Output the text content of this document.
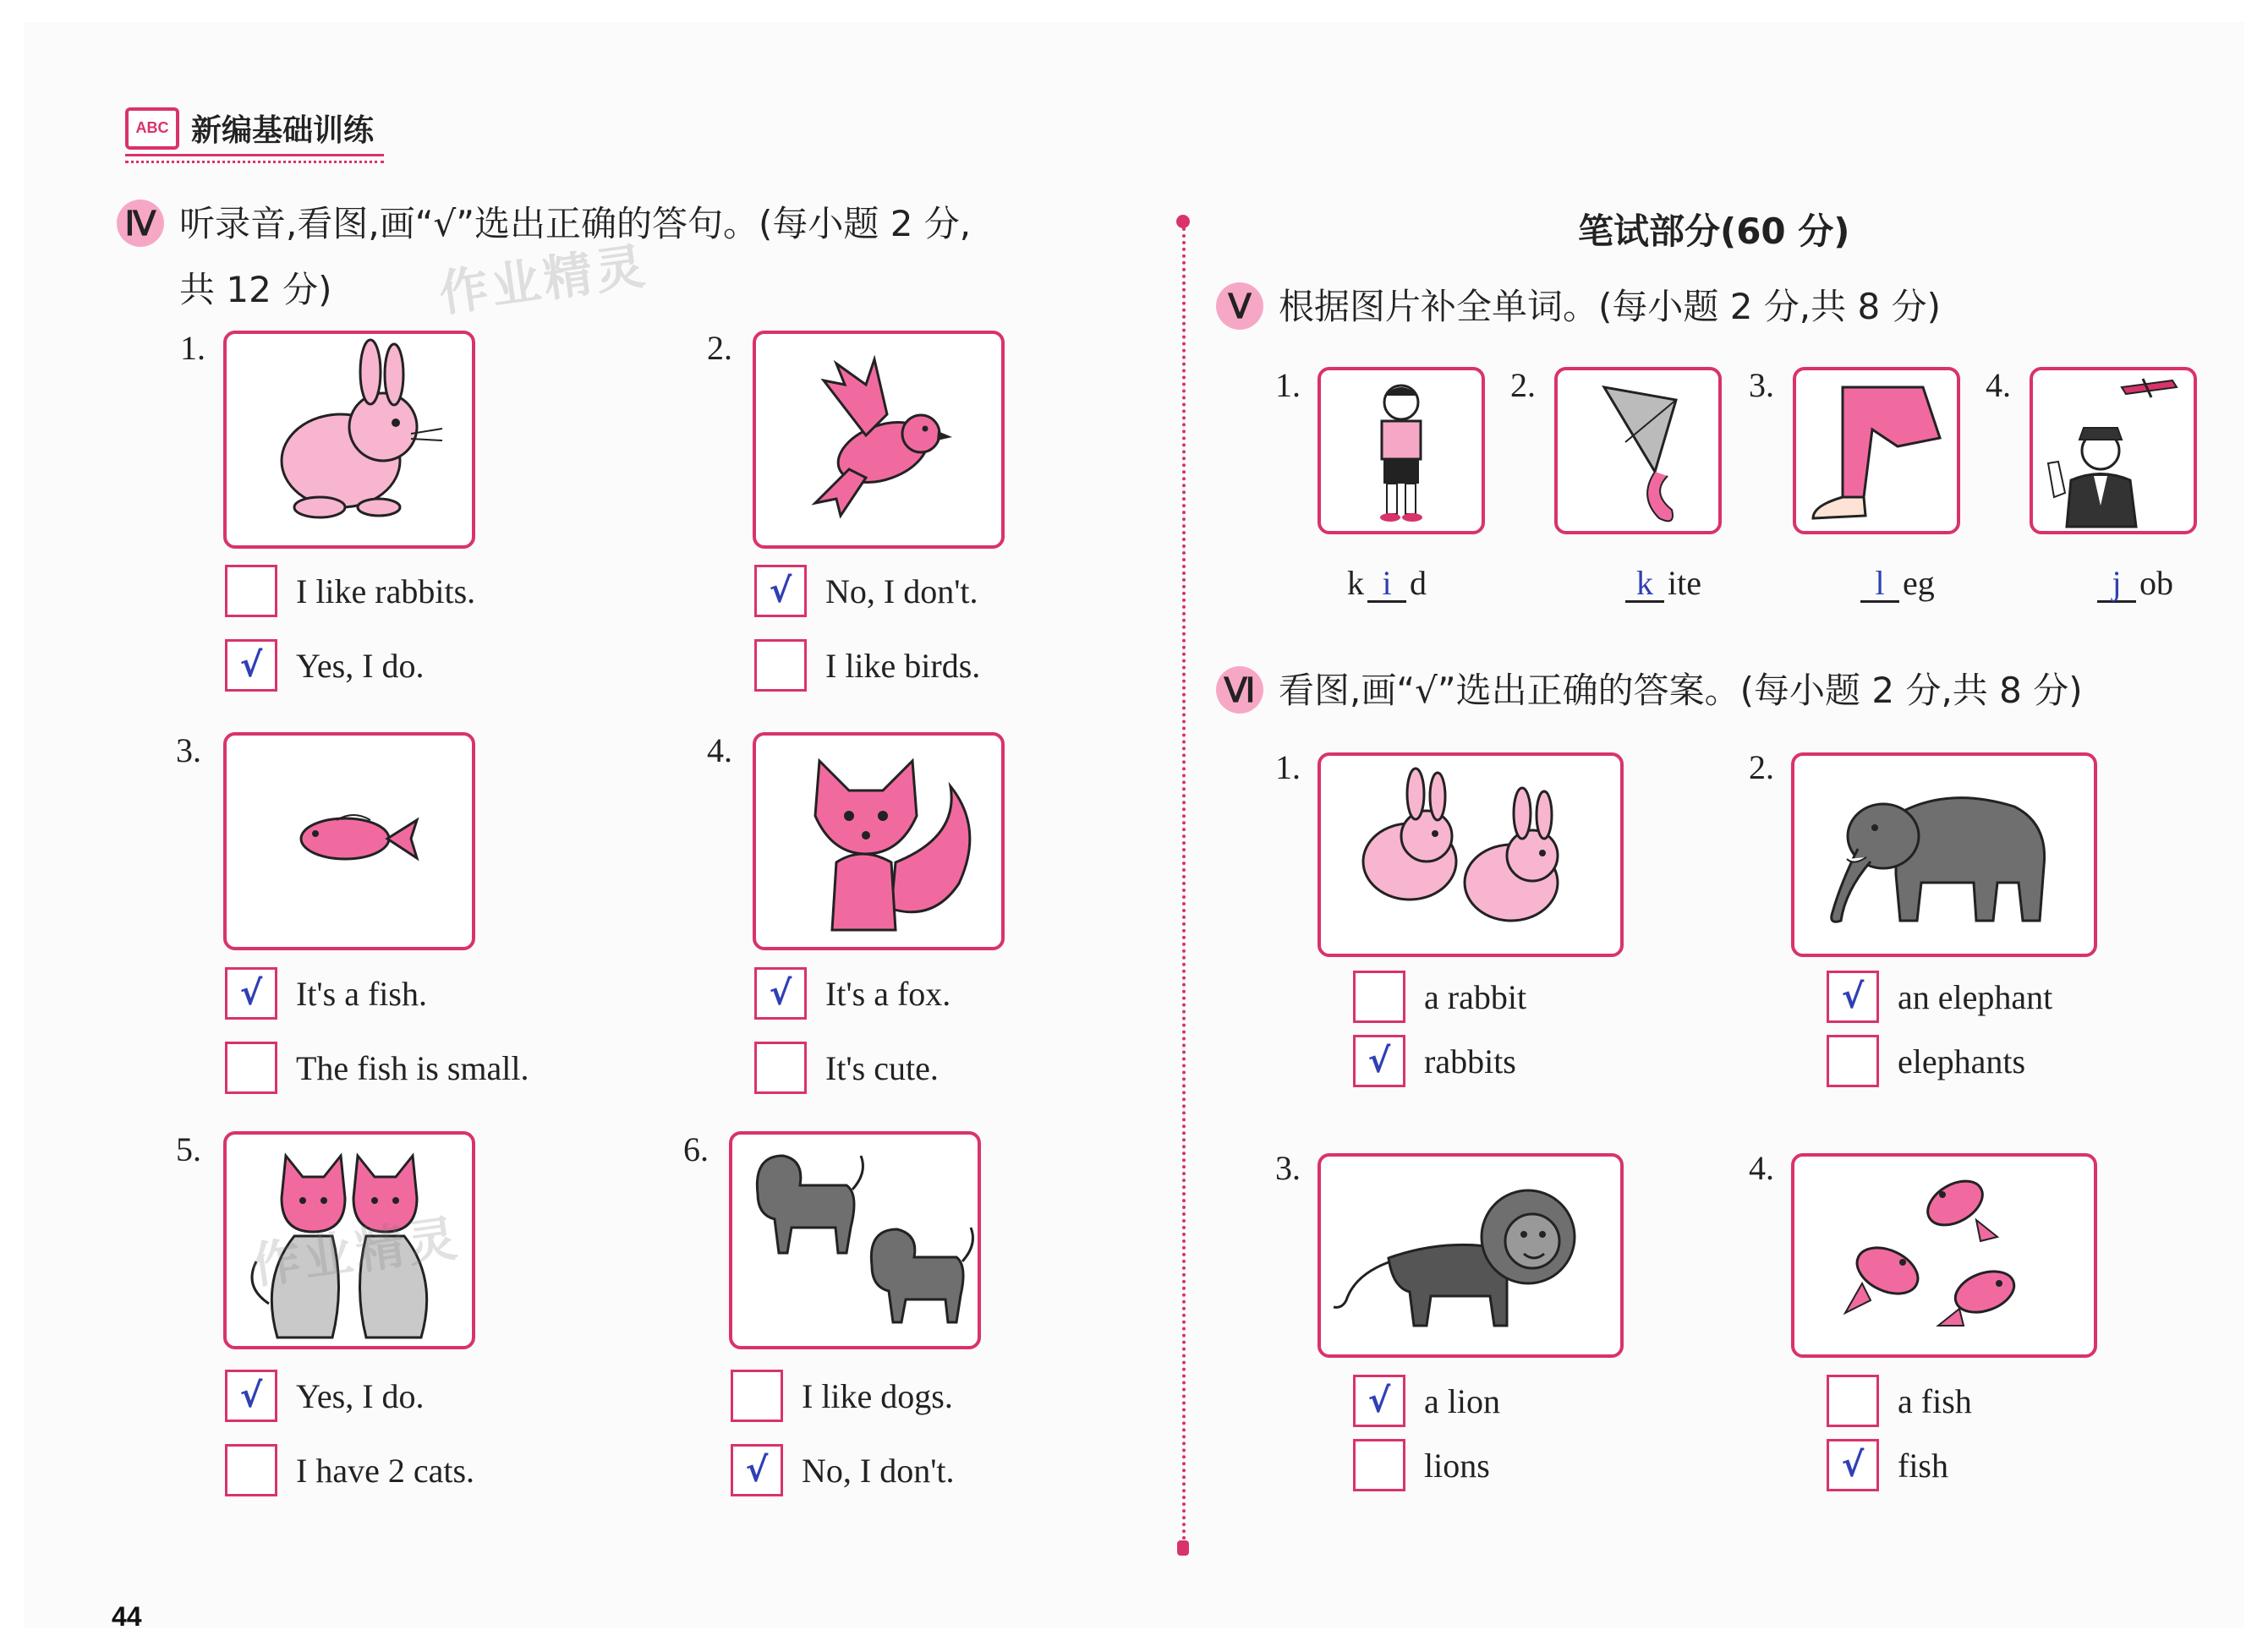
ABC 新编基础训练
Ⅳ 听录音,看图,画“√”选出正确的答句。(每小题 2 分,
共 12 分)	作业精灵
1.
I like rabbits.
√ Yes, I do.
2.
√ No, I don't.
I like birds.
3.
√ It's a fish.
The fish is small.
4.
√ It's a fox.
It's cute.
5.
作业精灵
√ Yes, I do.
I have 2 cats.
6.
I like dogs.
√ No, I don't.
笔试部分(60 分)
Ⅴ 根据图片补全单词。(每小题 2 分,共 8 分)
1.
k i d
2.
k ite
3.
l eg
4.
j ob
Ⅵ 看图,画“√”选出正确的答案。(每小题 2 分,共 8 分)
1.
a rabbit
√ rabbits
2.
√ an elephant
elephants
3.
√ a lion
lions
4.
a fish
√ fish
44
